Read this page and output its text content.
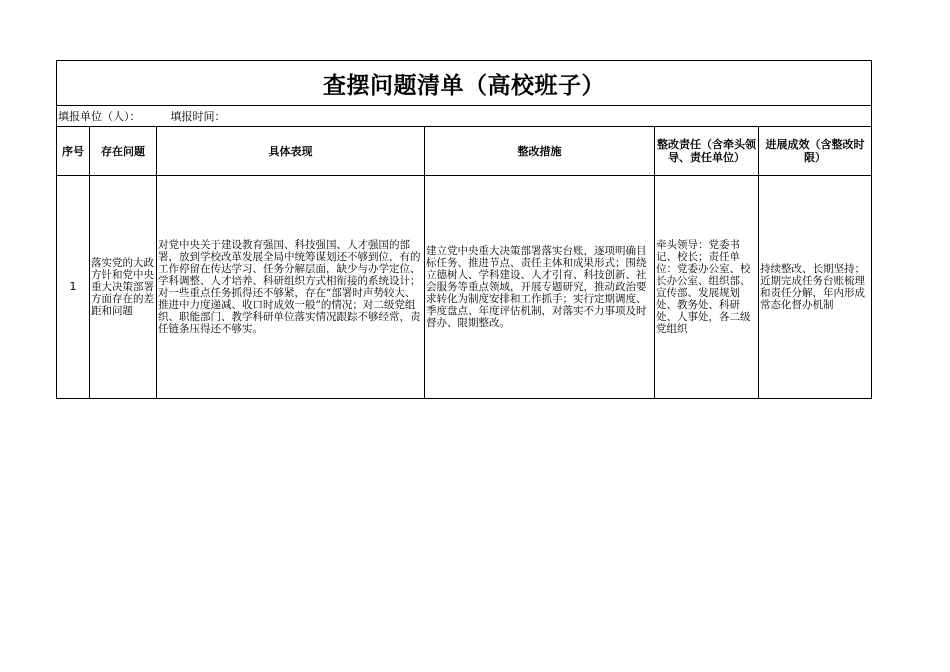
查摆问题清单（高校班子）					
填报单位（人）： 填报时间：					
序号	存在问题	具体表现	整改措施	整改责任（含牵头领导、责任单位）	进展成效（含整改时限）
1	落实党的大政方针和党中央重大决策部署方面存在的差距和问题	对党中央关于建设教育强国、科技强国、人才强国的部署，放到学校改革发展全局中统筹谋划还不够到位，有的工作停留在传达学习、任务分解层面，缺少与办学定位、学科调整、人才培养、科研组织方式相衔接的系统设计；对一些重点任务抓得还不够紧，存在“部署时声势较大、推进中力度递减、收口时成效一般”的情况；对二级党组织、职能部门、教学科研单位落实情况跟踪不够经常，责任链条压得还不够实。	建立党中央重大决策部署落实台账，逐项明确目标任务、推进节点、责任主体和成果形式；围绕立德树人、学科建设、人才引育、科技创新、社会服务等重点领域，开展专题研究，推动政治要求转化为制度安排和工作抓手；实行定期调度、季度盘点、年度评估机制，对落实不力事项及时督办、限期整改。	牵头领导：党委书记、校长；责任单位：党委办公室、校长办公室、组织部、宣传部、发展规划处、教务处、科研处、人事处，各二级党组织	持续整改、长期坚持；近期完成任务台账梳理和责任分解，年内形成常态化督办机制
